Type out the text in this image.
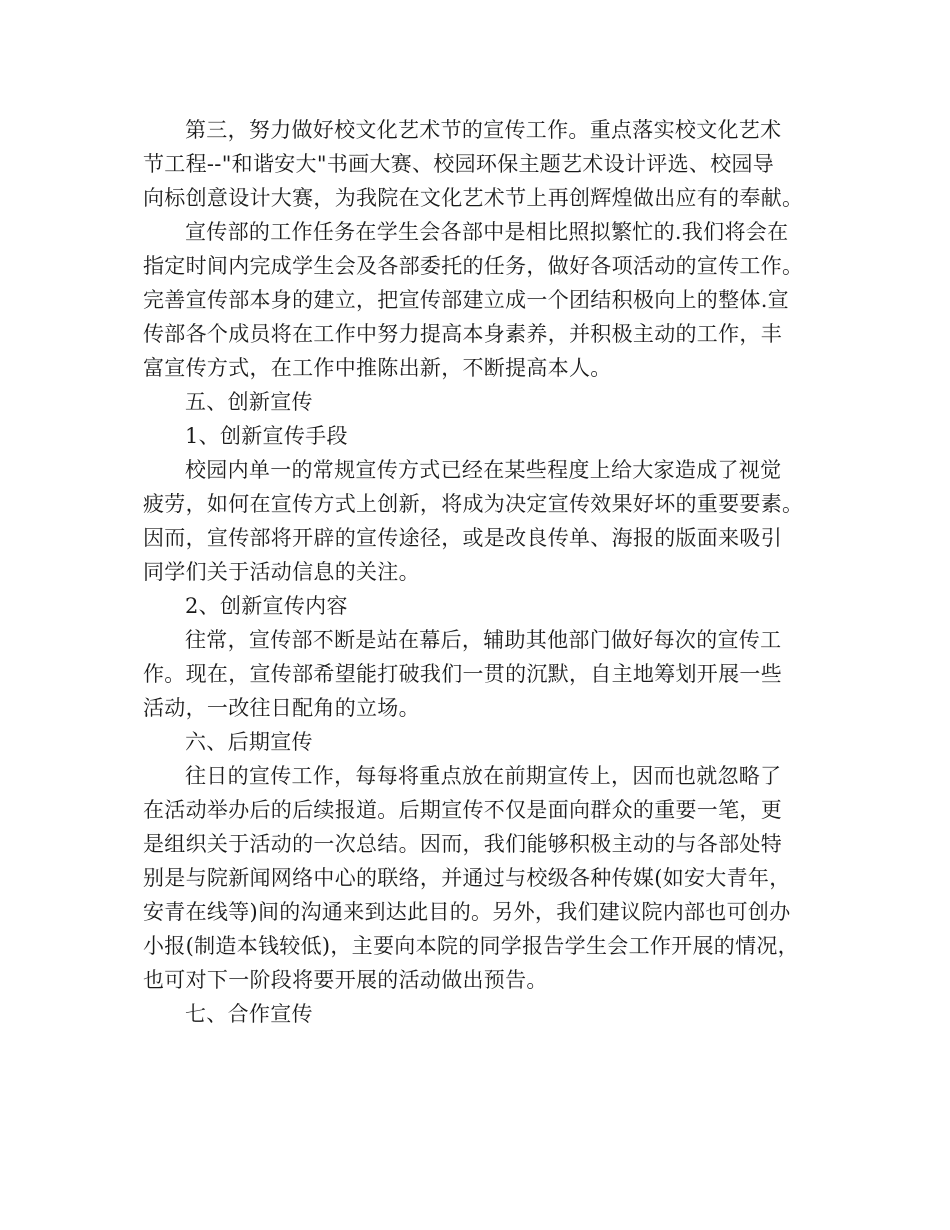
第三，努力做好校文化艺术节的宣传工作。重点落实校文化艺术
节工程--"和谐安大"书画大赛、校园环保主题艺术设计评选、校园导
向标创意设计大赛，为我院在文化艺术节上再创辉煌做出应有的奉献。
宣传部的工作任务在学生会各部中是相比照拟繁忙的.我们将会在
指定时间内完成学生会及各部委托的任务，做好各项活动的宣传工作。
完善宣传部本身的建立，把宣传部建立成一个团结积极向上的整体.宣
传部各个成员将在工作中努力提高本身素养，并积极主动的工作，丰
富宣传方式，在工作中推陈出新，不断提高本人。
五、创新宣传
1、创新宣传手段
校园内单一的常规宣传方式已经在某些程度上给大家造成了视觉
疲劳，如何在宣传方式上创新，将成为决定宣传效果好坏的重要要素。
因而，宣传部将开辟的宣传途径，或是改良传单、海报的版面来吸引
同学们关于活动信息的关注。
2、创新宣传内容
往常，宣传部不断是站在幕后，辅助其他部门做好每次的宣传工
作。现在，宣传部希望能打破我们一贯的沉默，自主地筹划开展一些
活动，一改往日配角的立场。
六、后期宣传
往日的宣传工作，每每将重点放在前期宣传上，因而也就忽略了
在活动举办后的后续报道。后期宣传不仅是面向群众的重要一笔，更
是组织关于活动的一次总结。因而，我们能够积极主动的与各部处特
别是与院新闻网络中心的联络，并通过与校级各种传媒(如安大青年，
安青在线等)间的沟通来到达此目的。另外，我们建议院内部也可创办
小报(制造本钱较低)，主要向本院的同学报告学生会工作开展的情况，
也可对下一阶段将要开展的活动做出预告。
七、合作宣传
